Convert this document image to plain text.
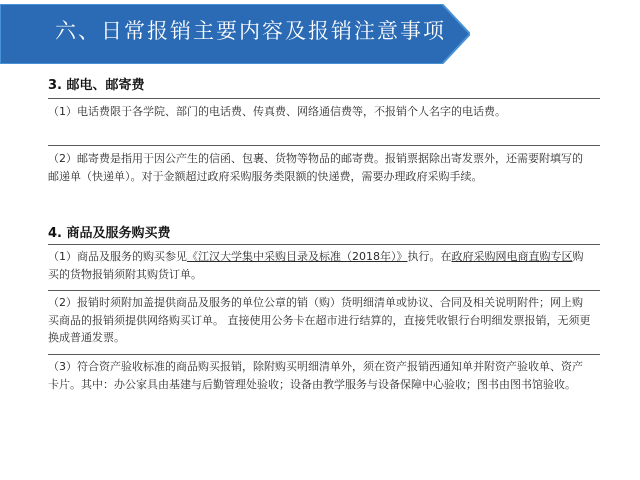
六、日常报销主要内容及报销注意事项
3. 邮电、邮寄费
（1）电话费限于各学院、部门的电话费、传真费、网络通信费等，不报销个人名字的电话费。
（2）邮寄费是指用于因公产生的信函、包裹、货物等物品的邮寄费。报销票据除出寄发票外，还需要附填写的邮递单（快递单）。对于金额超过政府采购服务类限额的快递费，需要办理政府采购手续。
4. 商品及服务购买费
（1）商品及服务的购买参见《江汉大学集中采购目录及标准（2018年）》执行。在政府采购网电商直购专区购买的货物报销须附其购货订单。
（2）报销时须附加盖提供商品及服务的单位公章的销（购）货明细清单或协议、合同及相关说明附件；网上购买商品的报销须提供网络购买订单。 直接使用公务卡在超市进行结算的，直接凭收银行台明细发票报销，无须更换成普通发票。
（3）符合资产验收标准的商品购买报销，除附购买明细清单外，须在资产报销西通知单并附资产验收单、资产卡片。其中：办公家具由基建与后勤管理处验收；设备由教学服务与设备保障中心验收；图书由图书馆验收。
